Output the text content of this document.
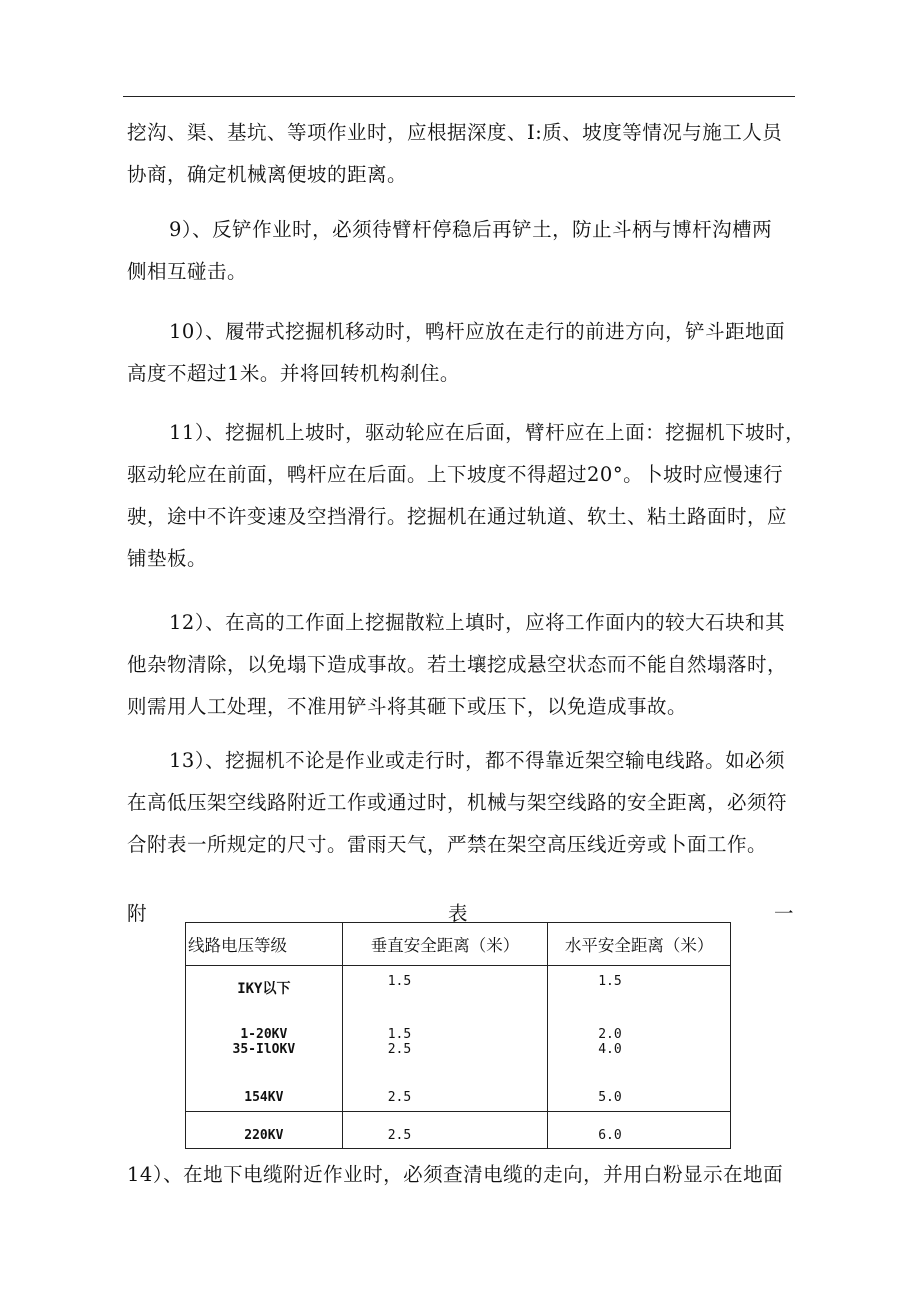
挖沟、渠、基坑、等项作业时，应根据深度、I:质、坡度等情况与施工人员
协商，确定机械离便坡的距离。
9）、反铲作业时，必须待臂杆停稳后再铲土，防止斗柄与博杆沟槽两
侧相互碰击。
10）、履带式挖掘机移动时，鸭杆应放在走行的前进方向，铲斗距地面
高度不超过1米。并将回转机构刹住。
11）、挖掘机上坡时，驱动轮应在后面，臂杆应在上面：挖掘机下坡时，
驱动轮应在前面，鸭杆应在后面。上下坡度不得超过20°。卜坡时应慢速行
驶，途中不许变速及空挡滑行。挖掘机在通过轨道、软土、粘土路面时，应
铺垫板。
12）、在高的工作面上挖掘散粒上填时，应将工作面内的较大石块和其
他杂物清除，以免塌下造成事故。若土壤挖成悬空状态而不能自然塌落时，
则需用人工处理，不准用铲斗将其砸下或压下，以免造成事故。
13）、挖掘机不论是作业或走行时，都不得靠近架空输电线路。如必须
在高低压架空线路附近工作或通过时，机械与架空线路的安全距离，必须符
合附表一所规定的尺寸。雷雨天气，严禁在架空高压线近旁或卜面工作。
附	表	一
线路电压等级	垂直安全距离（米）	水平安全距离（米）
IKY以下	1.5	1.5
1-20KV	1.5	2.0
35-IlOKV	2.5	4.0
154KV	2.5	5.0
220KV	2.5	6.0
14）、在地下电缆附近作业时，必须查清电缆的走向，并用白粉显示在地面
